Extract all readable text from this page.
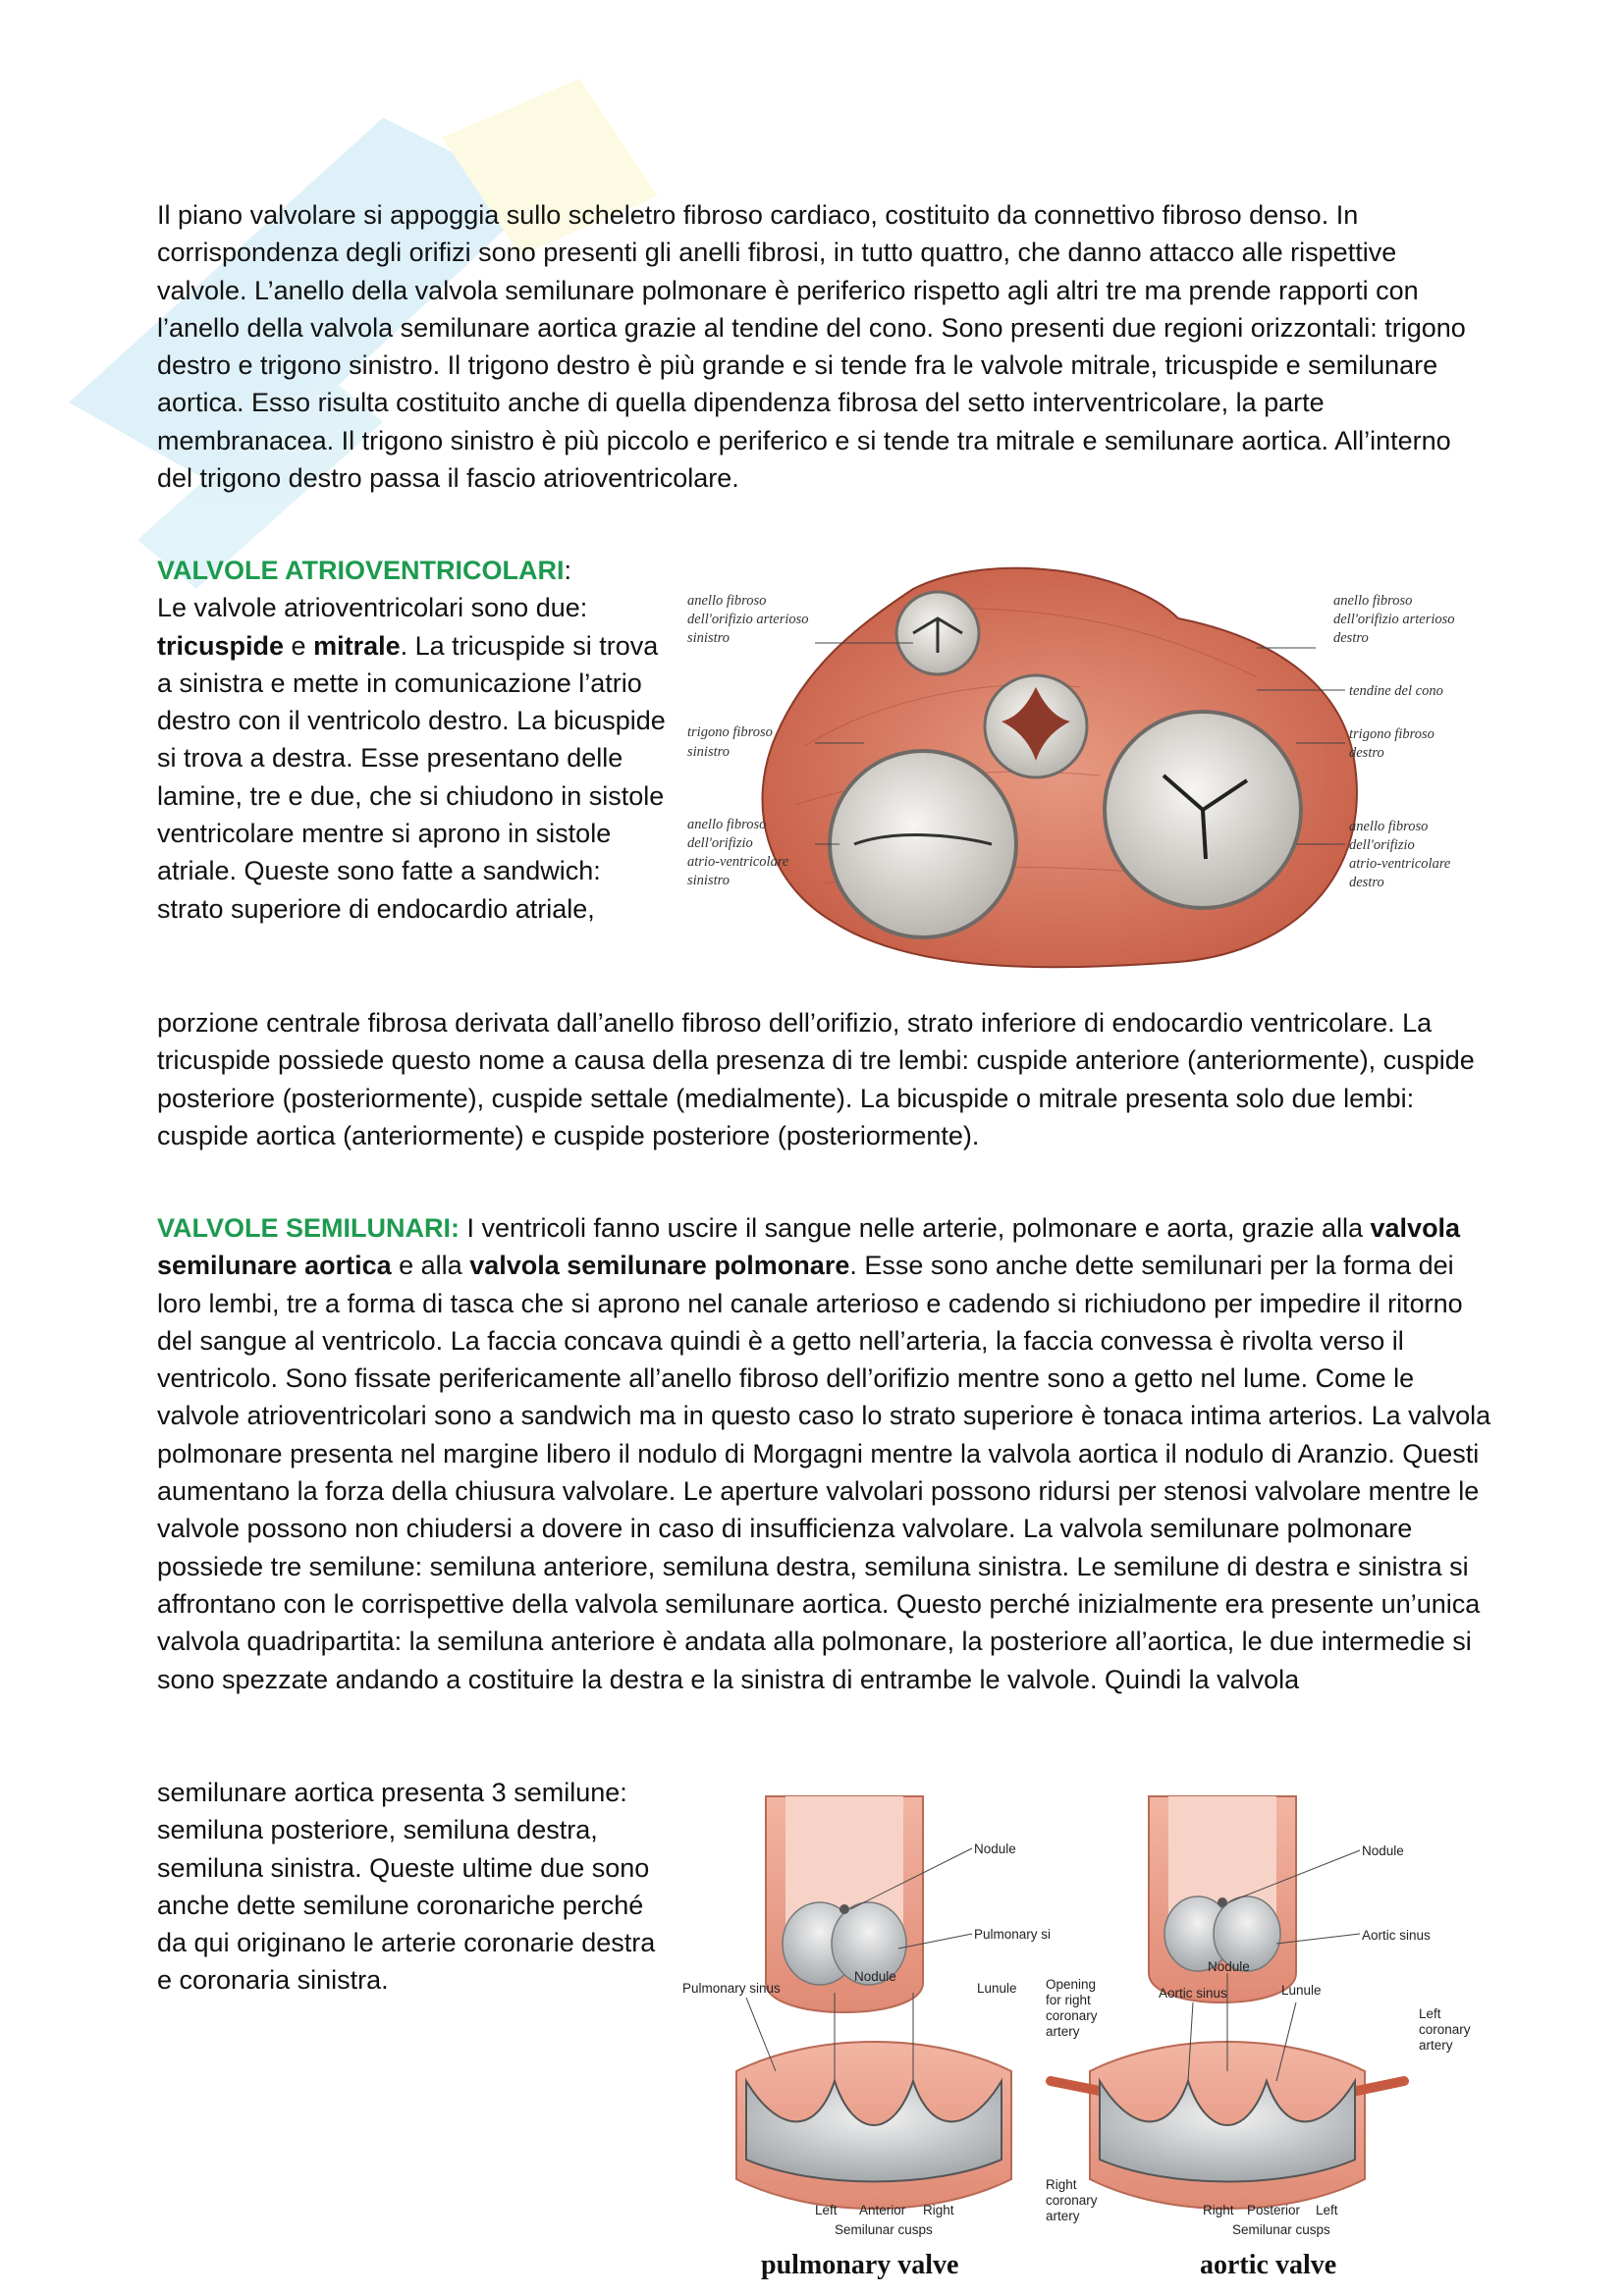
Il piano valvolare si appoggia sullo scheletro fibroso cardiaco, costituito da connettivo fibroso denso. In corrispondenza degli orifizi sono presenti gli anelli fibrosi, in tutto quattro, che danno attacco alle rispettive valvole. L’anello della valvola semilunare polmonare è periferico rispetto agli altri tre ma prende rapporti con l’anello della valvola semilunare aortica grazie al tendine del cono. Sono presenti due regioni orizzontali: trigono destro e trigono sinistro. Il trigono destro è più grande e si tende fra le valvole mitrale, tricuspide e semilunare aortica. Esso risulta costituito anche di quella dipendenza fibrosa del setto interventricolare, la parte membranacea. Il trigono sinistro è più piccolo e periferico e si tende tra mitrale e semilunare aortica. All’interno del trigono destro passa il fascio atrioventricolare.

VALVOLE ATRIOVENTRICOLARI:
Le valvole atrioventricolari sono due: tricuspide e mitrale. La tricuspide si trova a sinistra e mette in comunicazione l’atrio destro con il ventricolo destro. La bicuspide si trova a destra. Esse presentano delle lamine, tre e due, che si chiudono in sistole ventricolare mentre si aprono in sistole atriale. Queste sono fatte a sandwich: strato superiore di endocardio atriale,

porzione centrale fibrosa derivata dall’anello fibroso dell’orifizio, strato inferiore di endocardio ventricolare. La tricuspide possiede questo nome a causa della presenza di tre lembi: cuspide anteriore (anteriormente), cuspide posteriore (posteriormente), cuspide settale (medialmente). La bicuspide o mitrale presenta solo due lembi: cuspide aortica (anteriormente) e cuspide posteriore (posteriormente).

anello fibroso
dell'orifizio arterioso
sinistro
trigono fibroso
sinistro
anello fibroso
dell'orifizio
atrio-ventricolare
sinistro
anello fibroso
dell'orifizio arterioso
destro
tendine del cono
trigono fibroso
destro
anello fibroso
dell'orifizio
atrio-ventricolare
destro

VALVOLE SEMILUNARI: I ventricoli fanno uscire il sangue nelle arterie, polmonare e aorta, grazie alla valvola semilunare aortica e alla valvola semilunare polmonare. Esse sono anche dette semilunari per la forma dei loro lembi, tre a forma di tasca che si aprono nel canale arterioso e cadendo si richiudono per impedire il ritorno del sangue al ventricolo. La faccia concava quindi è a getto nell’arteria, la faccia convessa è rivolta verso il ventricolo. Sono fissate perifericamente all’anello fibroso dell’orifizio mentre sono a getto nel lume. Come le valvole atrioventricolari sono a sandwich ma in questo caso lo strato superiore è tonaca intima arterios. La valvola polmonare presenta nel margine libero il nodulo di Morgagni mentre la valvola aortica il nodulo di Aranzio. Questi aumentano la forza della chiusura valvolare. Le aperture valvolari possono ridursi per stenosi valvolare mentre le valvole possono non chiudersi a dovere in caso di insufficienza valvolare. La valvola semilunare polmonare possiede tre semilune: semiluna anteriore, semiluna destra, semiluna sinistra. Le semilune di destra e sinistra si affrontano con le corrispettive della valvola semilunare aortica. Questo perché inizialmente era presente un’unica valvola quadripartita: la semiluna anteriore è andata alla polmonare, la posteriore all’aortica, le due intermedie si sono spezzate andando a costituire la destra e la sinistra di entrambe le valvole. Quindi la valvola

semilunare aortica presenta 3 semilune: semiluna posteriore, semiluna destra, semiluna sinistra. Queste ultime due sono anche dette semilune coronariche perché da qui originano le arterie coronarie destra e coronaria sinistra.

Nodule
Pulmonary si
Pulmonary sinus
Nodule
Lunule
Left Anterior Right
Semilunar cusps
Nodule
Aortic sinus
Opening
for right
coronary
artery
Nodule
Aortic sinus	Lunule
Left
coronary
artery
Right
coronary
artery	Right Posterior Left
Semilunar cusps
pulmonary valve	aortic valve
